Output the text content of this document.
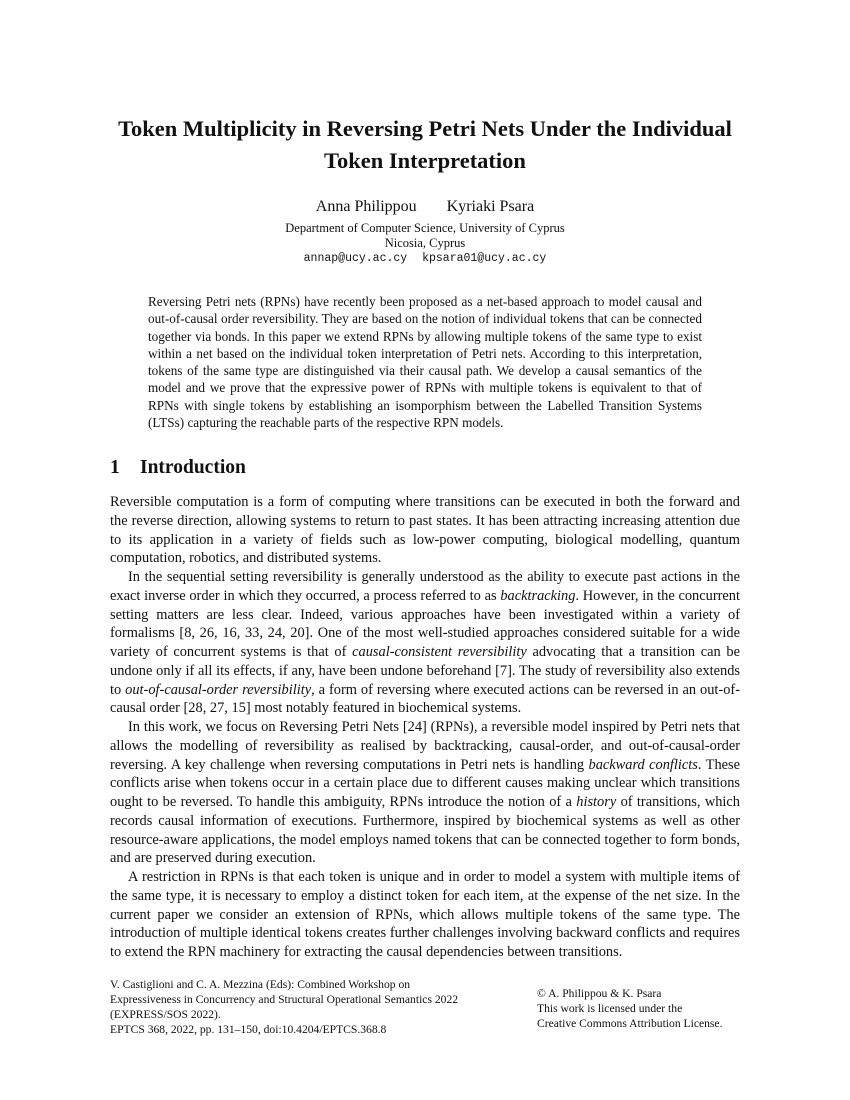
Token Multiplicity in Reversing Petri Nets Under the Individual Token Interpretation
Anna Philippou Kyriaki Psara
Department of Computer Science, University of Cyprus
Nicosia, Cyprus
annap@ucy.ac.cy kpsara01@ucy.ac.cy

Reversing Petri nets (RPNs) have recently been proposed as a net-based approach to model causal and out-of-causal order reversibility. They are based on the notion of individual tokens that can be connected together via bonds. In this paper we extend RPNs by allowing multiple tokens of the same type to exist within a net based on the individual token interpretation of Petri nets. According to this interpretation, tokens of the same type are distinguished via their causal path. We develop a causal semantics of the model and we prove that the expressive power of RPNs with multiple tokens is equivalent to that of RPNs with single tokens by establishing an isomporphism between the Labelled Transition Systems (LTSs) capturing the reachable parts of the respective RPN models.

1 Introduction

Reversible computation is a form of computing where transitions can be executed in both the forward and the reverse direction, allowing systems to return to past states. It has been attracting increasing attention due to its application in a variety of fields such as low-power computing, biological modelling, quantum computation, robotics, and distributed systems.

In the sequential setting reversibility is generally understood as the ability to execute past actions in the exact inverse order in which they occurred, a process referred to as backtracking. However, in the concurrent setting matters are less clear. Indeed, various approaches have been investigated within a variety of formalisms [8, 26, 16, 33, 24, 20]. One of the most well-studied approaches considered suitable for a wide variety of concurrent systems is that of causal-consistent reversibility advocating that a transition can be undone only if all its effects, if any, have been undone beforehand [7]. The study of reversibility also extends to out-of-causal-order reversibility, a form of reversing where executed actions can be reversed in an out-of-causal order [28, 27, 15] most notably featured in biochemical systems.

In this work, we focus on Reversing Petri Nets [24] (RPNs), a reversible model inspired by Petri nets that allows the modelling of reversibility as realised by backtracking, causal-order, and out-of-causal-order reversing. A key challenge when reversing computations in Petri nets is handling backward conflicts. These conflicts arise when tokens occur in a certain place due to different causes making unclear which transitions ought to be reversed. To handle this ambiguity, RPNs introduce the notion of a history of transitions, which records causal information of executions. Furthermore, inspired by biochemical systems as well as other resource-aware applications, the model employs named tokens that can be connected together to form bonds, and are preserved during execution.

A restriction in RPNs is that each token is unique and in order to model a system with multiple items of the same type, it is necessary to employ a distinct token for each item, at the expense of the net size. In the current paper we consider an extension of RPNs, which allows multiple tokens of the same type. The introduction of multiple identical tokens creates further challenges involving backward conflicts and requires to extend the RPN machinery for extracting the causal dependencies between transitions.

V. Castiglioni and C. A. Mezzina (Eds): Combined Workshop on
Expressiveness in Concurrency and Structural Operational Semantics 2022
(EXPRESS/SOS 2022).
EPTCS 368, 2022, pp. 131–150, doi:10.4204/EPTCS.368.8
© A. Philippou & K. Psara
This work is licensed under the
Creative Commons Attribution License.
